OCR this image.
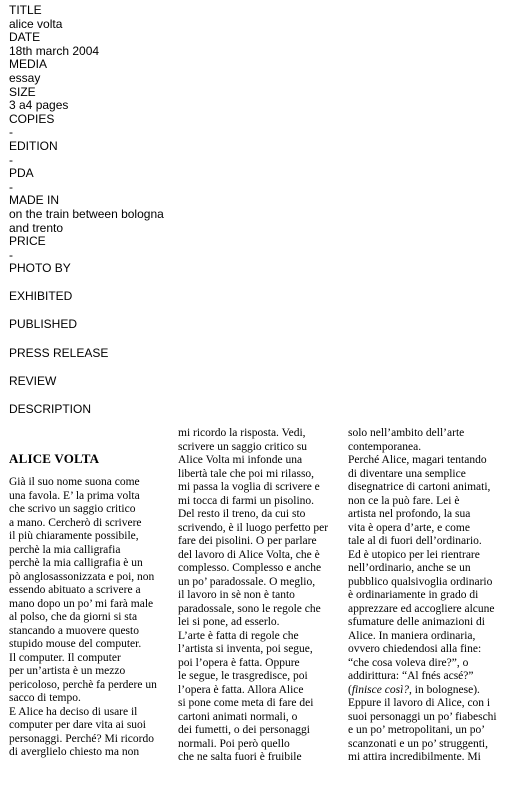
TITLE
alice volta
DATE
18th march 2004
MEDIA
essay
SIZE
3 a4 pages
COPIES
-
EDITION
-
PDA
-
MADE IN
on the train between bologna
and trento
PRICE
-
PHOTO BY
EXHIBITED
PUBLISHED
PRESS RELEASE
REVIEW
DESCRIPTION
ALICE VOLTA
Già il suo nome suona come
una favola. E’ la prima volta
che scrivo un saggio critico
a mano. Cercherò di scrivere
il più chiaramente possibile,
perchè la mia calligrafia
perchè la mia calligrafia è un
pò anglosassonizzata e poi, non
essendo abituato a scrivere a
mano dopo un po’ mi farà male
al polso, che da giorni si sta
stancando a muovere questo
stupido mouse del computer.
Il computer. Il computer
per un’artista è un mezzo
pericoloso, perchè fa perdere un
sacco di tempo.
E Alice ha deciso di usare il
computer per dare vita ai suoi
personaggi. Perché? Mi ricordo
di averglielo chiesto ma non
mi ricordo la risposta. Vedi,
scrivere un saggio critico su
Alice Volta mi infonde una
libertà tale che poi mi rilasso,
mi passa la voglia di scrivere e
mi tocca di farmi un pisolino.
Del resto il treno, da cui sto
scrivendo, è il luogo perfetto per
fare dei pisolini. O per parlare
del lavoro di Alice Volta, che è
complesso. Complesso e anche
un po’ paradossale. O meglio,
il lavoro in sè non è tanto
paradossale, sono le regole che
lei si pone, ad esserlo.
L’arte è fatta di regole che
l’artista si inventa, poi segue,
poi l’opera è fatta. Oppure
le segue, le trasgredisce, poi
l’opera è fatta. Allora Alice
si pone come meta di fare dei
cartoni animati normali, o
dei fumetti, o dei personaggi
normali. Poi però quello
che ne salta fuori è fruibile
solo nell’ambito dell’arte
contemporanea.
Perché Alice, magari tentando
di diventare una semplice
disegnatrice di cartoni animati,
non ce la può fare. Lei è
artista nel profondo, la sua
vita è opera d’arte, e come
tale al di fuori dell’ordinario.
Ed è utopico per lei rientrare
nell’ordinario, anche se un
pubblico qualsivoglia ordinario
è ordinariamente in grado di
apprezzare ed accogliere alcune
sfumature delle animazioni di
Alice. In maniera ordinaria,
ovvero chiedendosi alla fine:
“che cosa voleva dire?”, o
addirittura: “Al fnés acsé?”
(finisce così?, in bolognese).
Eppure il lavoro di Alice, con i
suoi personaggi un po’ fiabeschi
e un po’ metropolitani, un po’
scanzonati e un po’ struggenti,
mi attira incredibilmente. Mi
